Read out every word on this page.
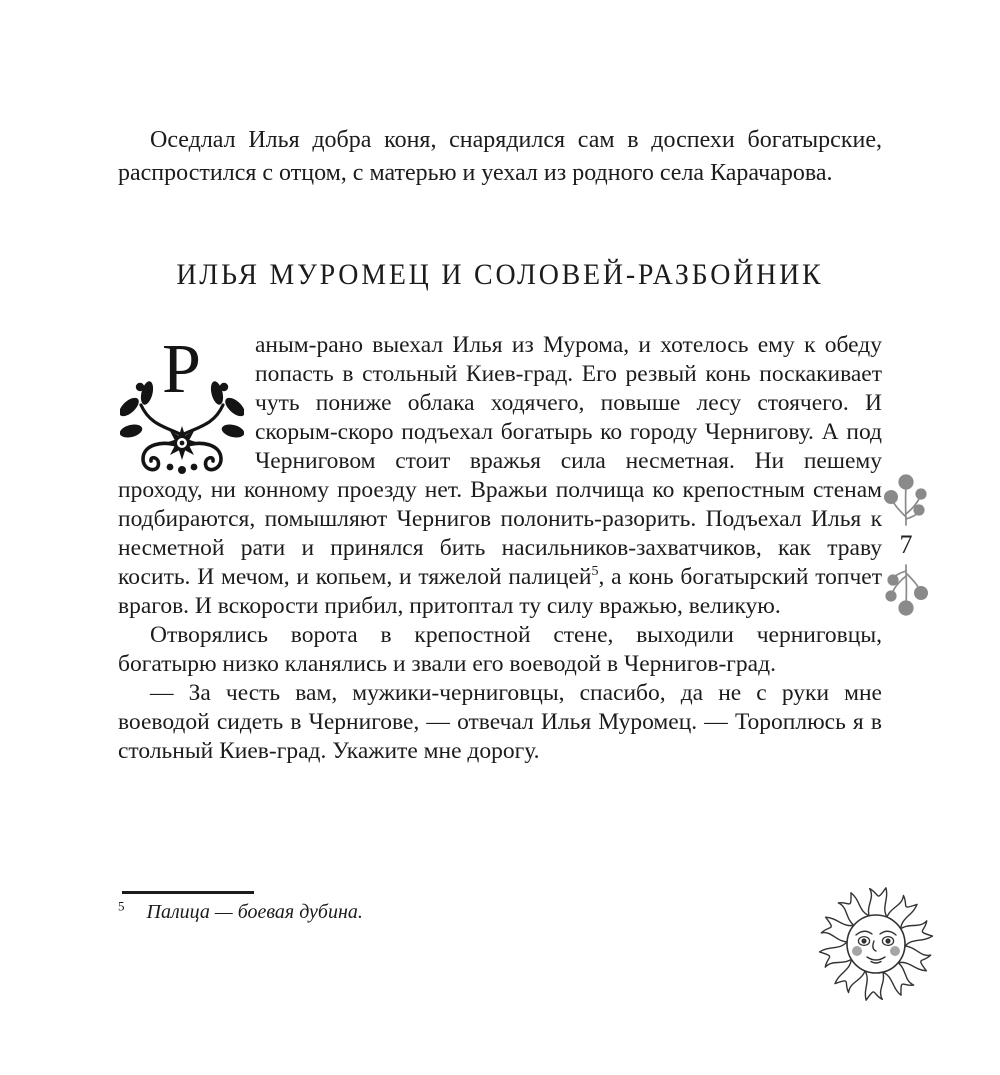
Оседлал Илья добра коня, снарядился сам в доспехи богатырские, распростился с отцом, с матерью и уехал из родного села Карачарова.

ИЛЬЯ МУРОМЕЦ И СОЛОВЕЙ-РАЗБОЙНИК

Р аным-рано выехал Илья из Мурома, и хотелось ему к обеду попасть в стольный Киев-град. Его резвый конь поскакивает чуть пониже облака ходячего, повыше лесу стоячего. И скорым-скоро подъехал богатырь ко городу Чернигову. А под Черниговом стоит вражья сила несметная. Ни пешему проходу, ни конному проезду нет. Вражьи полчища ко крепостным стенам подбираются, помышляют Чернигов полонить-разорить. Подъехал Илья к несметной рати и принялся бить насильников-захватчиков, как траву косить. И мечом, и копьем, и тяжелой палицей$^5$, а конь богатырский топчет врагов. И вскорости прибил, притоптал ту силу вражью, великую.

Отворялись ворота в крепостной стене, выходили черниговцы, богатырю низко кланялись и звали его воеводой в Чернигов-град.

— За честь вам, мужики-черниговцы, спасибо, да не с руки мне воеводой сидеть в Чернигове, — отвечал Илья Муромец. — Тороплюсь я в стольный Киев-град. Укажите мне дорогу.

$^5$ Палица — боевая дубина.

7
